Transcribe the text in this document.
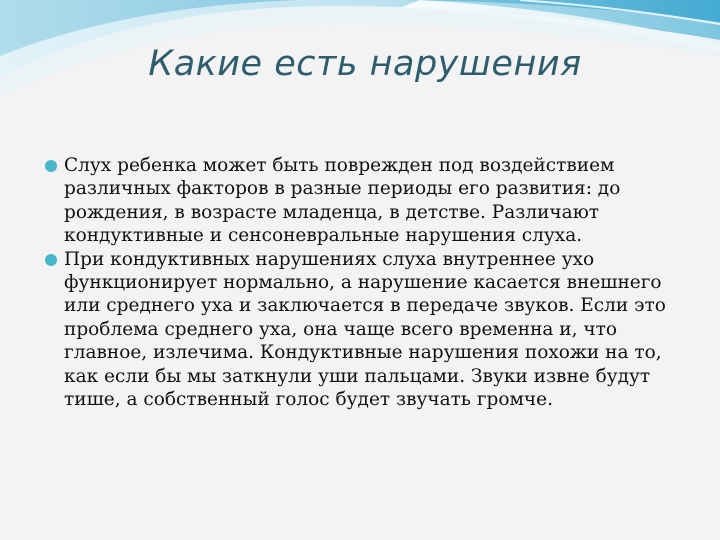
Какие есть нарушения
Слух ребенка может быть поврежден под воздействием различных факторов в разные периоды его развития: до рождения, в возрасте младенца, в детстве. Различают кондуктивные и сенсоневральные нарушения слуха.
При кондуктивных нарушениях слуха внутреннее ухо функционирует нормально, а нарушение касается внешнего или среднего уха и заключается в передаче звуков. Если это проблема среднего уха, она чаще всего временна и, что главное, излечима. Кондуктивные нарушения похожи на то, как если бы мы заткнули уши пальцами. Звуки извне будут тише, а собственный голос будет звучать громче.
